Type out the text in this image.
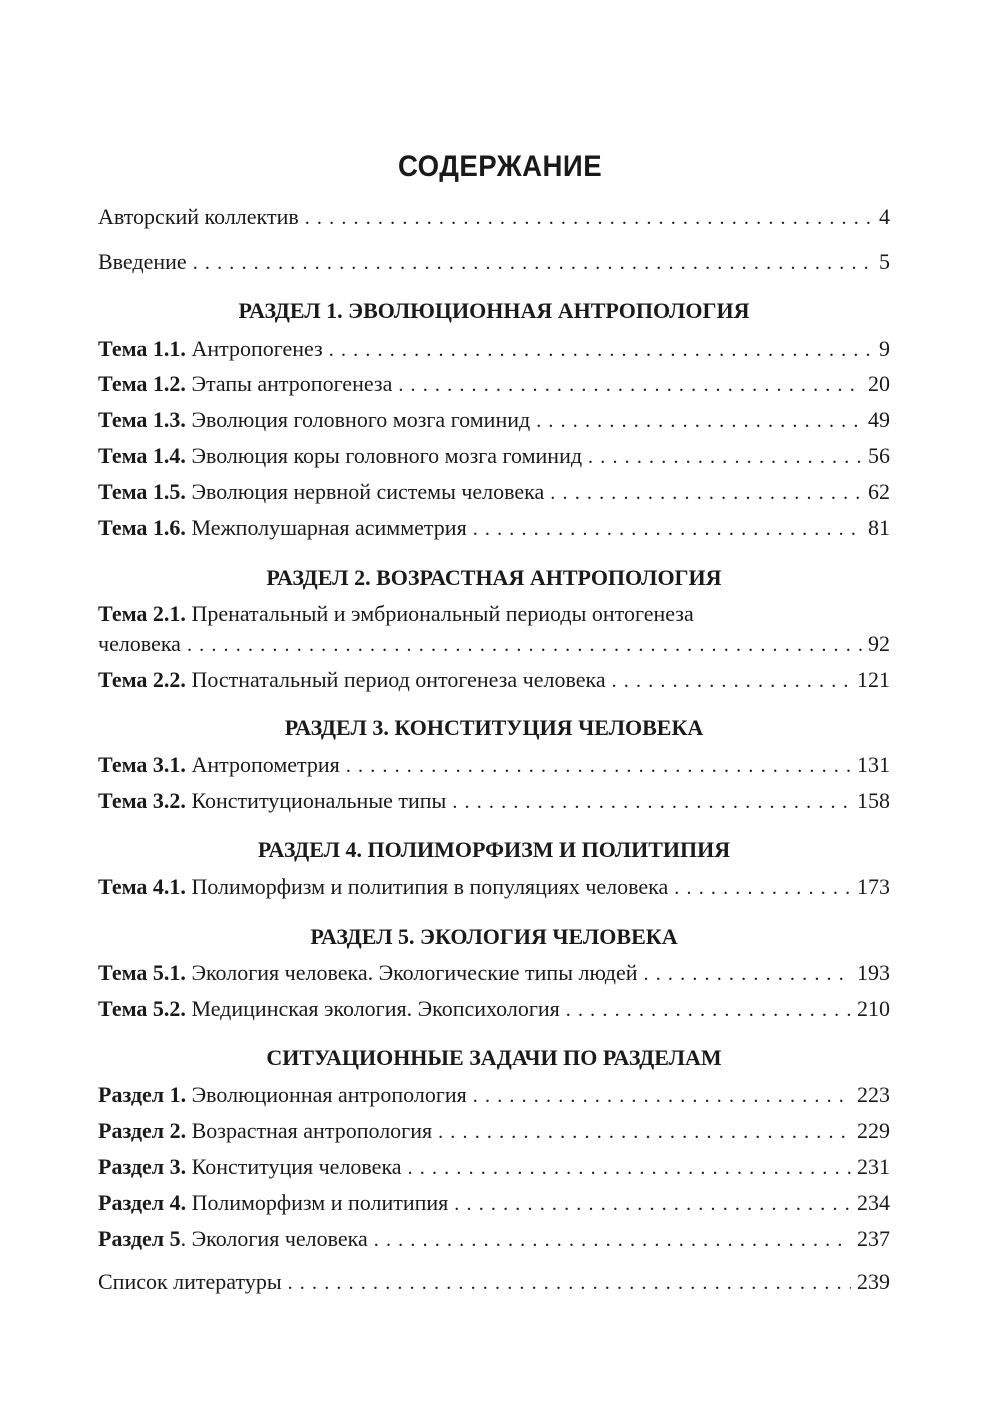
СОДЕРЖАНИЕ
Авторский коллектив . . .	4
Введение . . .	5
РАЗДЕЛ 1. ЭВОЛЮЦИОННАЯ АНТРОПОЛОГИЯ
Тема 1.1. Антропогенез . . .	9
Тема 1.2. Этапы антропогенеза . . .	20
Тема 1.3. Эволюция головного мозга гоминид . . .	49
Тема 1.4. Эволюция коры головного мозга гоминид . . .	56
Тема 1.5. Эволюция нервной системы человека . . .	62
Тема 1.6. Межполушарная асимметрия . . .	81
РАЗДЕЛ 2. ВОЗРАСТНАЯ АНТРОПОЛОГИЯ
Тема 2.1. Пренатальный и эмбриональный периоды онтогенеза
человека . . .	92
Тема 2.2. Постнатальный период онтогенеза человека . . .	121
РАЗДЕЛ 3. КОНСТИТУЦИЯ ЧЕЛОВЕКА
Тема 3.1. Антропометрия . . .	131
Тема 3.2. Конституциональные типы . . .	158
РАЗДЕЛ 4. ПОЛИМОРФИЗМ И ПОЛИТИПИЯ
Тема 4.1. Полиморфизм и политипия в популяциях человека . . .	173
РАЗДЕЛ 5. ЭКОЛОГИЯ ЧЕЛОВЕКА
Тема 5.1. Экология человека. Экологические типы людей . . .	193
Тема 5.2. Медицинская экология. Экопсихология . . .	210
СИТУАЦИОННЫЕ ЗАДАЧИ ПО РАЗДЕЛАМ
Раздел 1. Эволюционная антропология . . .	223
Раздел 2. Возрастная антропология . . .	229
Раздел 3. Конституция человека . . .	231
Раздел 4. Полиморфизм и политипия . . .	234
Раздел 5. Экология человека . . .	237
Список литературы . . .	239
